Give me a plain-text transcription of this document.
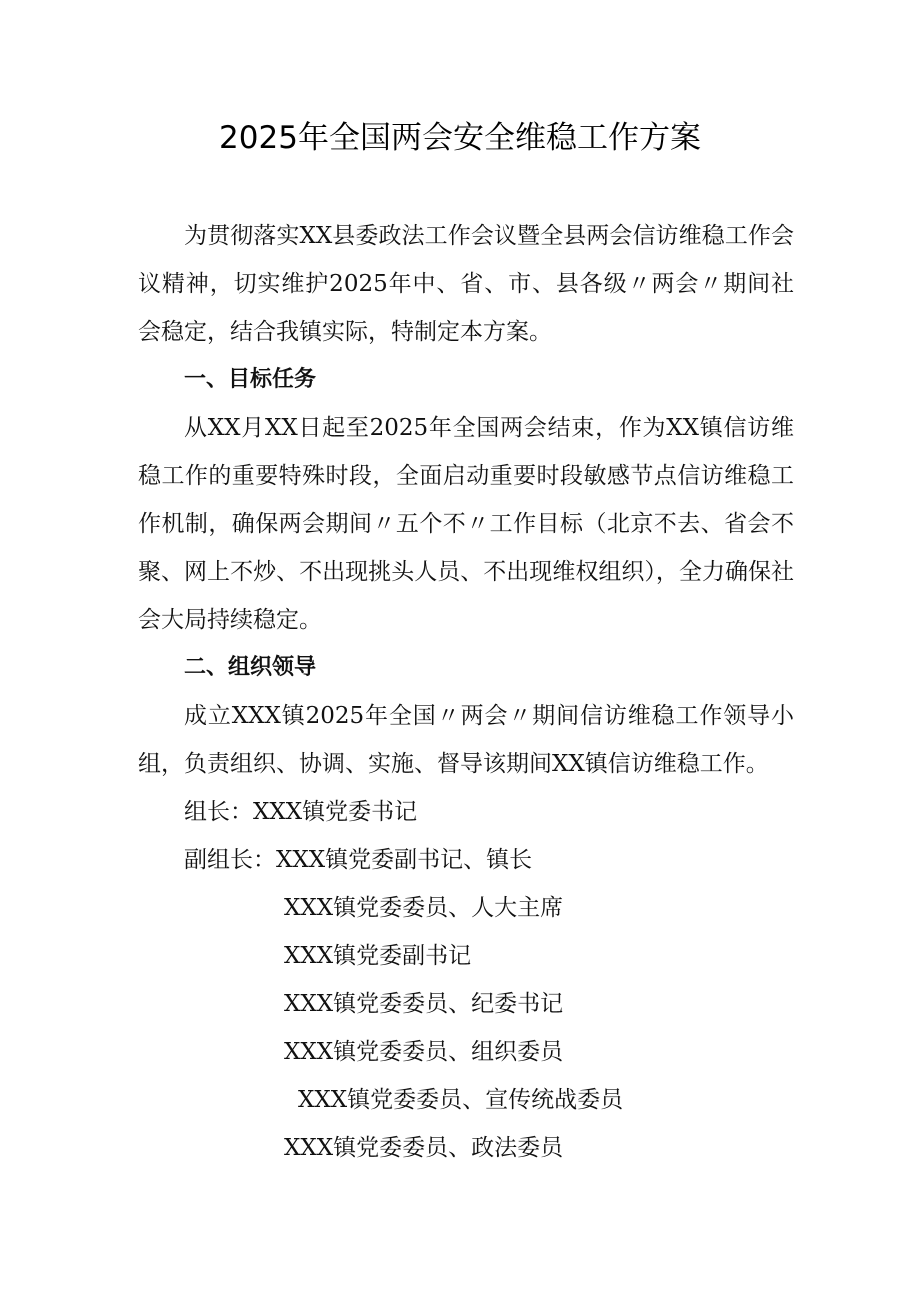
2025年全国两会安全维稳工作方案

为贯彻落实XX县委政法工作会议暨全县两会信访维稳工作会议精神，切实维护2025年中、省、市、县各级〃两会〃期间社会稳定，结合我镇实际，特制定本方案。

一、目标任务

从XX月XX日起至2025年全国两会结束，作为XX镇信访维稳工作的重要特殊时段，全面启动重要时段敏感节点信访维稳工作机制，确保两会期间〃五个不〃工作目标（北京不去、省会不聚、网上不炒、不出现挑头人员、不出现维权组织），全力确保社会大局持续稳定。

二、组织领导

成立XXX镇2025年全国〃两会〃期间信访维稳工作领导小组，负责组织、协调、实施、督导该期间XX镇信访维稳工作。

组长：XXX镇党委书记

副组长：XXX镇党委副书记、镇长

XXX镇党委委员、人大主席

XXX镇党委副书记

XXX镇党委委员、纪委书记

XXX镇党委委员、组织委员

XXX镇党委委员、宣传统战委员

XXX镇党委委员、政法委员
